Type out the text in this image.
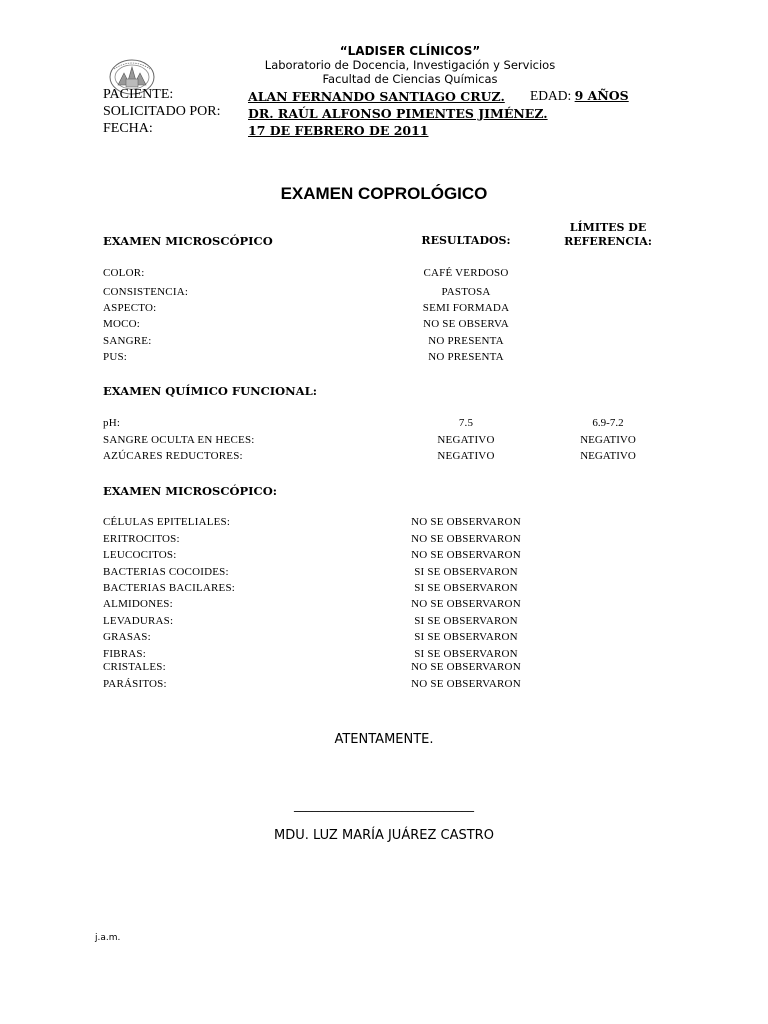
“LADISER CLÍNICOS”
Laboratorio de Docencia, Investigación y Servicios
Facultad de Ciencias Químicas
PACIENTE:	ALAN FERNANDO SANTIAGO CRUZ. EDAD: 9 AÑOS
SOLICITADO POR: DR. RAÚL ALFONSO PIMENTES JIMÉNEZ.
FECHA:	17 DE FEBRERO DE 2011
EXAMEN COPROLÓGICO
LÍMITES DE
REFERENCIA:
EXAMEN MICROSCÓPICO	RESULTADOS:
COLOR:	CAFÉ VERDOSO
CONSISTENCIA:	PASTOSA
ASPECTO:	SEMI FORMADA
MOCO:	NO SE OBSERVA
SANGRE:	NO PRESENTA
PUS:	NO PRESENTA
EXAMEN QUÍMICO FUNCIONAL:
pH:	7.5	6.9-7.2
SANGRE OCULTA EN HECES:	NEGATIVO	NEGATIVO
AZÚCARES REDUCTORES:	NEGATIVO	NEGATIVO
EXAMEN MICROSCÓPICO:
CÉLULAS EPITELIALES:	NO SE OBSERVARON
ERITROCITOS:	NO SE OBSERVARON
LEUCOCITOS:	NO SE OBSERVARON
BACTERIAS COCOIDES:	SI SE OBSERVARON
BACTERIAS BACILARES:	SI SE OBSERVARON
ALMIDONES:	NO SE OBSERVARON
LEVADURAS:	SI SE OBSERVARON
GRASAS:	SI SE OBSERVARON
FIBRAS:	SI SE OBSERVARON
CRISTALES:	NO SE OBSERVARON
PARÁSITOS:	NO SE OBSERVARON
ATENTAMENTE.
______________________________
MDU. LUZ MARÍA JUÁREZ CASTRO
j.a.m.
